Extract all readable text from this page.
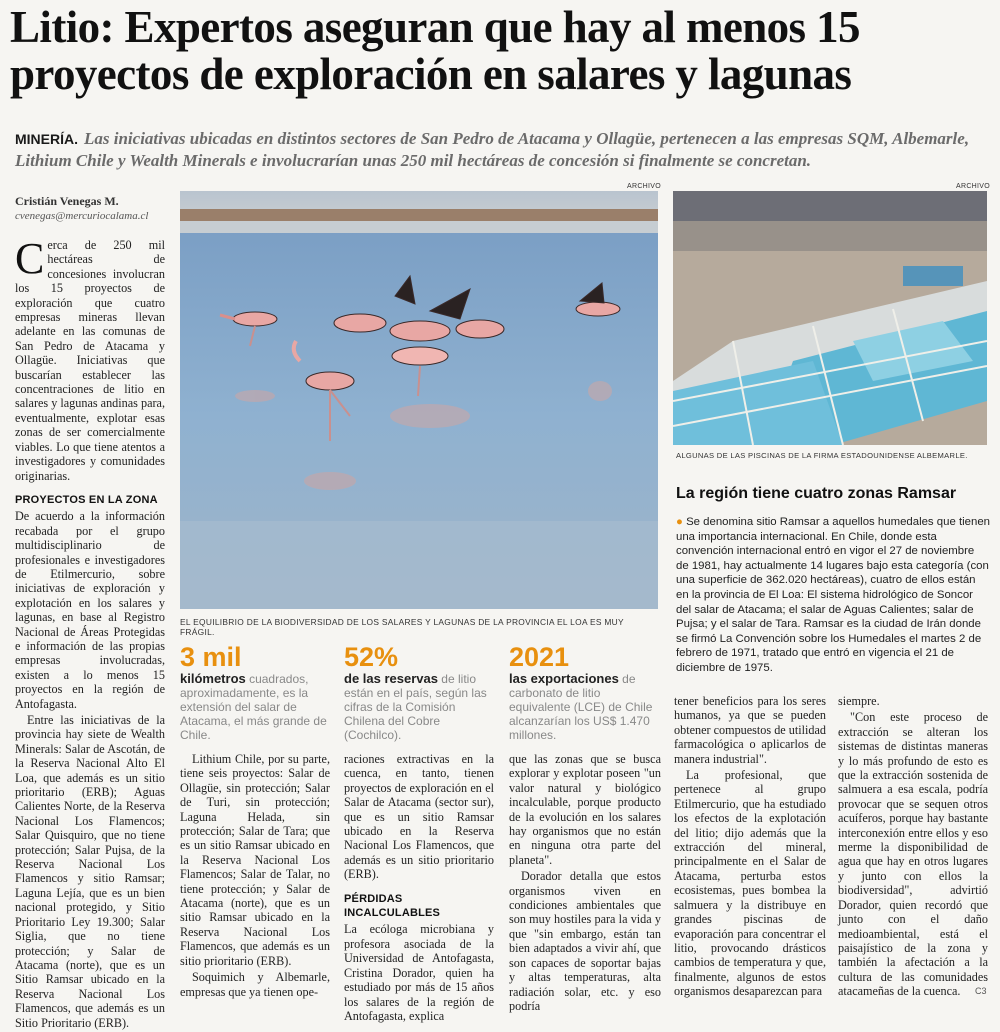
Litio: Expertos aseguran que hay al menos 15
proyectos de exploración en salares y lagunas
MINERÍA. Las iniciativas ubicadas en distintos sectores de San Pedro de Atacama y Ollagüe, pertenecen a las empresas SQM, Albemarle, Lithium Chile y Wealth Minerals e involucrarían unas 250 mil hectáreas de concesión si finalmente se concretan.
Cristián Venegas M.
cvenegas@mercuriocalama.cl

Cerca de 250 mil hectáreas de concesiones involucran los 15 proyectos de exploración que cuatro empresas mineras llevan adelante en las comunas de San Pedro de Atacama y Ollagüe. Iniciativas que buscarían establecer las concentraciones de litio en salares y lagunas andinas para, eventualmente, explotar esas zonas de ser comercialmente viables. Lo que tiene atentos a investigadores y comunidades originarias.

PROYECTOS EN LA ZONA

De acuerdo a la información recabada por el grupo multidisciplinario de profesionales e investigadores de Etilmercurio, sobre iniciativas de exploración y explotación en los salares y lagunas, en base al Registro Nacional de Áreas Protegidas e información de las propias empresas involucradas, existen a lo menos 15 proyectos en la región de Antofagasta.

Entre las iniciativas de la provincia hay siete de Wealth Minerals: Salar de Ascotán, de la Reserva Nacional Alto El Loa, que además es un sitio prioritario (ERB); Aguas Calientes Norte, de la Reserva Nacional Los Flamencos; Salar Quisquiro, que no tiene protección; Salar Pujsa, de la Reserva Nacional Los Flamencos y sitio Ramsar; Laguna Lejía, que es un bien nacional protegido, y Sitio Prioritario Ley 19.300; Salar Siglia, que no tiene protección; y Salar de Atacama (norte), que es un Sitio Ramsar ubicado en la Reserva Nacional Los Flamencos, que además es un Sitio Prioritario (ERB).

ARCHIVO
EL EQUILIBRIO DE LA BIODIVERSIDAD DE LOS SALARES Y LAGUNAS DE LA PROVINCIA EL LOA ES MUY FRÁGIL.
ARCHIVO
ALGUNAS DE LAS PISCINAS DE LA FIRMA ESTADOUNIDENSE ALBEMARLE.
La región tiene cuatro zonas Ramsar
● Se denomina sitio Ramsar a aquellos humedales que tienen una importancia internacional. En Chile, donde esta convención internacional entró en vigor el 27 de noviembre de 1981, hay actualmente 14 lugares bajo esta categoría (con una superficie de 362.020 hectáreas), cuatro de ellos están en la provincia de El Loa: El sistema hidrológico de Soncor del salar de Atacama; el salar de Aguas Calientes; salar de Pujsa; y el salar de Tara. Ramsar es la ciudad de Irán donde se firmó La Convención sobre los Humedales el martes 2 de febrero de 1971, tratado que entró en vigencia el 21 de diciembre de 1975.
3 mil
kilómetros cuadrados, aproximadamente, es la extensión del salar de Atacama, el más grande de Chile.
52%
de las reservas de litio están en el país, según las cifras de la Comisión Chilena del Cobre (Cochilco).
2021
las exportaciones de carbonato de litio equivalente (LCE) de Chile alcanzarían los US$ 1.470 millones.

Lithium Chile, por su parte, tiene seis proyectos: Salar de Ollagüe, sin protección; Salar de Turi, sin protección; Laguna Helada, sin protección; Salar de Tara; que es un sitio Ramsar ubicado en la Reserva Nacional Los Flamencos; Salar de Talar, no tiene protección; y Salar de Atacama (norte), que es un sitio Ramsar ubicado en la Reserva Nacional Los Flamencos, que además es un sitio prioritario (ERB).

Soquimich y Albemarle, empresas que ya tienen ope-

raciones extractivas en la cuenca, en tanto, tienen proyectos de exploración en el Salar de Atacama (sector sur), que es un sitio Ramsar ubicado en la Reserva Nacional Los Flamencos, que además es un sitio prioritario (ERB).

PÉRDIDAS INCALCULABLES

La ecóloga microbiana y profesora asociada de la Universidad de Antofagasta, Cristina Dorador, quien ha estudiado por más de 15 años los salares de la región de Antofagasta, explica

que las zonas que se busca explorar y explotar poseen "un valor natural y biológico incalculable, porque producto de la evolución en los salares hay organismos que no están en ninguna otra parte del planeta".

Dorador detalla que estos organismos viven en condiciones ambientales que son muy hostiles para la vida y que "sin embargo, están tan bien adaptados a vivir ahí, que son capaces de soportar bajas y altas temperaturas, alta radiación solar, etc. y eso podría

tener beneficios para los seres humanos, ya que se pueden obtener compuestos de utilidad farmacológica o aplicarlos de manera industrial".

La profesional, que pertenece al grupo Etilmercurio, que ha estudiado los efectos de la explotación del litio; dijo además que la extracción del mineral, principalmente en el Salar de Atacama, perturba estos ecosistemas, pues bombea la salmuera y la distribuye en grandes piscinas de evaporación para concentrar el litio, provocando drásticos cambios de temperatura y que, finalmente, algunos de estos organismos desaparezcan para

siempre.

"Con este proceso de extracción se alteran los sistemas de distintas maneras y lo más profundo de esto es que la extracción sostenida de salmuera a esa escala, podría provocar que se sequen otros acuíferos, porque hay bastante interconexión entre ellos y eso merme la disponibilidad de agua que hay en otros lugares y junto con ellos la biodiversidad", advirtió Dorador, quien recordó que junto con el daño medioambiental, está el paisajístico de la zona y también la afectación a la cultura de las comunidades atacameñas de la cuenca.	C3
